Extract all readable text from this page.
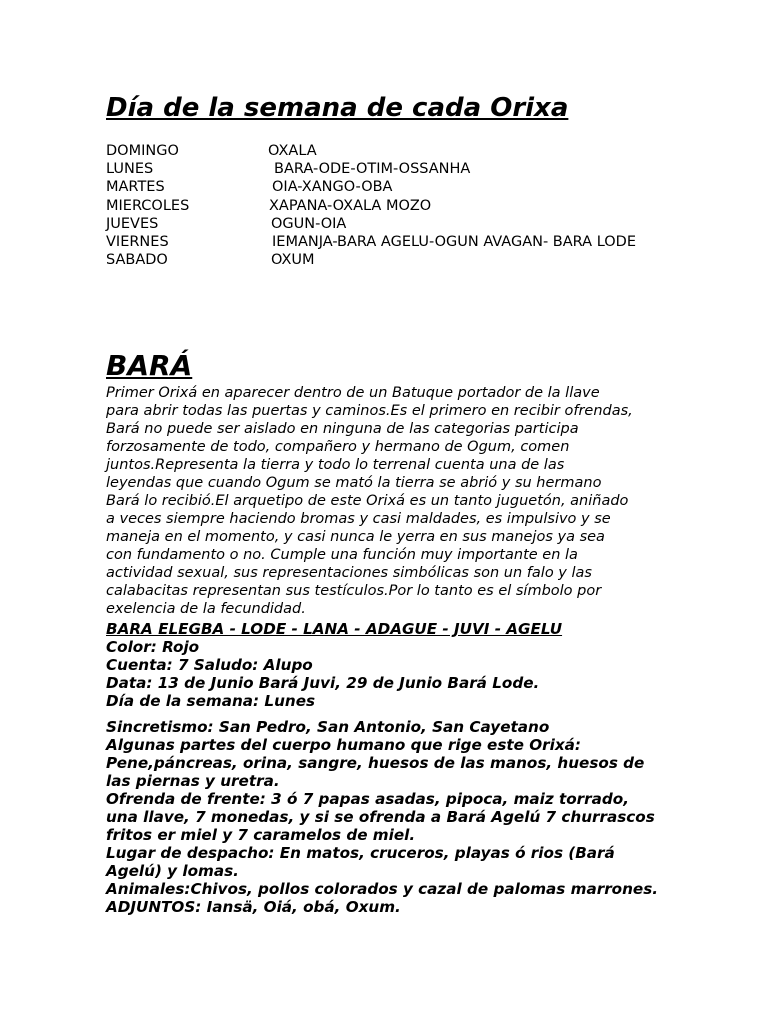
Día de la semana de cada Orixa
DOMINGO	OXALA
LUNES	BARA-ODE-OTIM-OSSANHA
MARTES	OIA-XANGO-OBA
MIERCOLES	XAPANA-OXALA MOZO
JUEVES	OGUN-OIA
VIERNES	IEMANJA-BARA AGELU-OGUN AVAGAN- BARA LODE
SABADO	OXUM
BARÁ

Primer Orixá en aparecer dentro de un Batuque portador de la llave
para abrir todas las puertas y caminos.Es el primero en recibir ofrendas,
Bará no puede ser aislado en ninguna de las categorias participa
forzosamente de todo, compañero y hermano de Ogum, comen
juntos.Representa la tierra y todo lo terrenal cuenta una de las
leyendas que cuando Ogum se mató la tierra se abrió y su hermano
Bará lo recibió.El arquetipo de este Orixá es un tanto juguetón, aniñado
a veces siempre haciendo bromas y casi maldades, es impulsivo y se
maneja en el momento, y casi nunca le yerra en sus manejos ya sea
con fundamento o no. Cumple una función muy importante en la
actividad sexual, sus representaciones simbólicas son un falo y las
calabacitas representan sus testículos.Por lo tanto es el símbolo por
exelencia de la fecundidad.

BARA ELEGBA - LODE - LANA - ADAGUE - JUVI - AGELU
Color: Rojo
Cuenta: 7 Saludo: Alupo
Data: 13 de Junio Bará Juvi, 29 de Junio Bará Lode.
Día de la semana: Lunes
Sincretismo: San Pedro, San Antonio, San Cayetano
Algunas partes del cuerpo humano que rige este Orixá:
Pene,páncreas, orina, sangre, huesos de las manos, huesos de
las piernas y uretra.
Ofrenda de frente: 3 ó 7 papas asadas, pipoca, maiz torrado,
una llave, 7 monedas, y si se ofrenda a Bará Agelú 7 churrascos
fritos er miel y 7 caramelos de miel.
Lugar de despacho: En matos, cruceros, playas ó rios (Bará
Agelú) y lomas.
Animales:Chivos, pollos colorados y cazal de palomas marrones.
ADJUNTOS: Iansä, Oiá, obá, Oxum.
